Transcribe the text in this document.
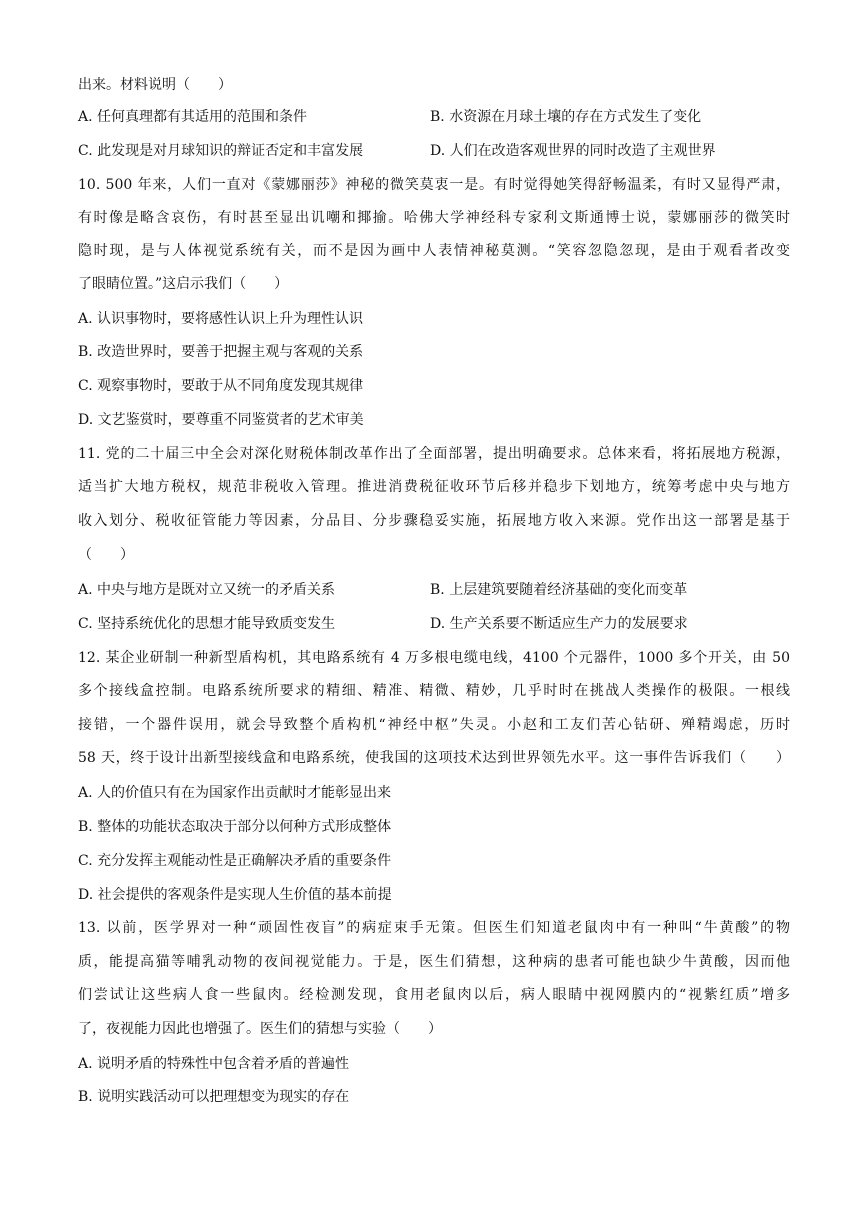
出来。材料说明（　　）
A. 任何真理都有其适用的范围和条件	B. 水资源在月球土壤的存在方式发生了变化
C. 此发现是对月球知识的辩证否定和丰富发展	D. 人们在改造客观世界的同时改造了主观世界
10. 500 年来，人们一直对《蒙娜丽莎》神秘的微笑莫衷一是。有时觉得她笑得舒畅温柔，有时又显得严肃，
有时像是略含哀伤，有时甚至显出讥嘲和揶揄。哈佛大学神经科专家利文斯通博士说，蒙娜丽莎的微笑时
隐时现，是与人体视觉系统有关，而不是因为画中人表情神秘莫测。“笑容忽隐忽现，是由于观看者改变
了眼睛位置。”这启示我们（　　）
A. 认识事物时，要将感性认识上升为理性认识
B. 改造世界时，要善于把握主观与客观的关系
C. 观察事物时，要敢于从不同角度发现其规律
D. 文艺鉴赏时，要尊重不同鉴赏者的艺术审美
11. 党的二十届三中全会对深化财税体制改革作出了全面部署，提出明确要求。总体来看，将拓展地方税源，
适当扩大地方税权，规范非税收入管理。推进消费税征收环节后移并稳步下划地方，统筹考虑中央与地方
收入划分、税收征管能力等因素，分品目、分步骤稳妥实施，拓展地方收入来源。党作出这一部署是基于
（　　）
A. 中央与地方是既对立又统一的矛盾关系	B. 上层建筑要随着经济基础的变化而变革
C. 坚持系统优化的思想才能导致质变发生	D. 生产关系要不断适应生产力的发展要求
12. 某企业研制一种新型盾构机，其电路系统有 4 万多根电缆电线，4100 个元器件，1000 多个开关，由 50
多个接线盒控制。电路系统所要求的精细、精准、精微、精妙，几乎时时在挑战人类操作的极限。一根线
接错，一个器件误用，就会导致整个盾构机“神经中枢”失灵。小赵和工友们苦心钻研、殚精竭虑，历时
58 天，终于设计出新型接线盒和电路系统，使我国的这项技术达到世界领先水平。这一事件告诉我们（　　）
A. 人的价值只有在为国家作出贡献时才能彰显出来
B. 整体的功能状态取决于部分以何种方式形成整体
C. 充分发挥主观能动性是正确解决矛盾的重要条件
D. 社会提供的客观条件是实现人生价值的基本前提
13. 以前，医学界对一种“顽固性夜盲”的病症束手无策。但医生们知道老鼠肉中有一种叫“牛黄酸”的物
质，能提高猫等哺乳动物的夜间视觉能力。于是，医生们猜想，这种病的患者可能也缺少牛黄酸，因而他
们尝试让这些病人食一些鼠肉。经检测发现，食用老鼠肉以后，病人眼睛中视网膜内的“视紫红质”增多
了，夜视能力因此也增强了。医生们的猜想与实验（　　）
A. 说明矛盾的特殊性中包含着矛盾的普遍性
B. 说明实践活动可以把理想变为现实的存在
